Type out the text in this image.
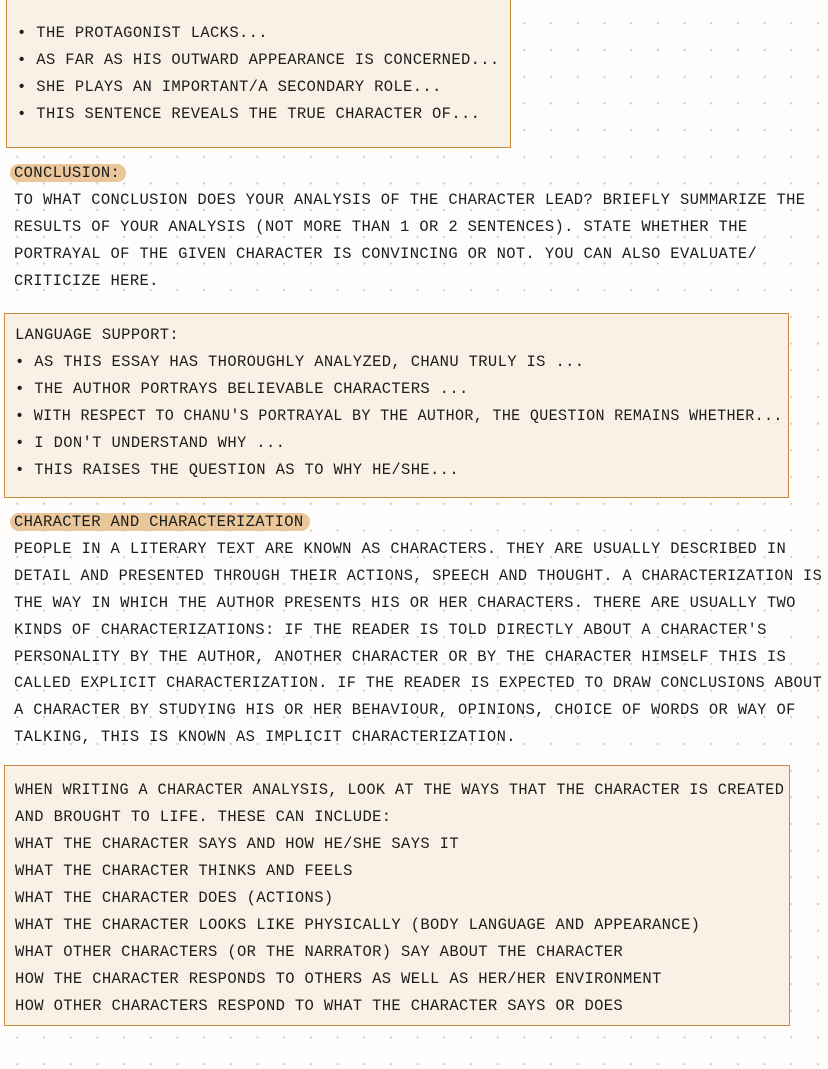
• THE PROTAGONIST LACKS...
• AS FAR AS HIS OUTWARD APPEARANCE IS CONCERNED...
• SHE PLAYS AN IMPORTANT/A SECONDARY ROLE...
• THIS SENTENCE REVEALS THE TRUE CHARACTER OF...
CONCLUSION:
TO WHAT CONCLUSION DOES YOUR ANALYSIS OF THE CHARACTER LEAD? BRIEFLY SUMMARIZE THE
RESULTS OF YOUR ANALYSIS (NOT MORE THAN 1 OR 2 SENTENCES). STATE WHETHER THE
PORTRAYAL OF THE GIVEN CHARACTER IS CONVINCING OR NOT. YOU CAN ALSO EVALUATE/
CRITICIZE HERE.
LANGUAGE SUPPORT:
• AS THIS ESSAY HAS THOROUGHLY ANALYZED, CHANU TRULY IS ...
• THE AUTHOR PORTRAYS BELIEVABLE CHARACTERS ...
• WITH RESPECT TO CHANU'S PORTRAYAL BY THE AUTHOR, THE QUESTION REMAINS WHETHER...
• I DON'T UNDERSTAND WHY ...
• THIS RAISES THE QUESTION AS TO WHY HE/SHE...
CHARACTER AND CHARACTERIZATION
PEOPLE IN A LITERARY TEXT ARE KNOWN AS CHARACTERS. THEY ARE USUALLY DESCRIBED IN
DETAIL AND PRESENTED THROUGH THEIR ACTIONS, SPEECH AND THOUGHT. A CHARACTERIZATION IS
THE WAY IN WHICH THE AUTHOR PRESENTS HIS OR HER CHARACTERS. THERE ARE USUALLY TWO
KINDS OF CHARACTERIZATIONS: IF THE READER IS TOLD DIRECTLY ABOUT A CHARACTER'S
PERSONALITY BY THE AUTHOR, ANOTHER CHARACTER OR BY THE CHARACTER HIMSELF THIS IS
CALLED EXPLICIT CHARACTERIZATION. IF THE READER IS EXPECTED TO DRAW CONCLUSIONS ABOUT
A CHARACTER BY STUDYING HIS OR HER BEHAVIOUR, OPINIONS, CHOICE OF WORDS OR WAY OF
TALKING, THIS IS KNOWN AS IMPLICIT CHARACTERIZATION.
WHEN WRITING A CHARACTER ANALYSIS, LOOK AT THE WAYS THAT THE CHARACTER IS CREATED
AND BROUGHT TO LIFE. THESE CAN INCLUDE:
WHAT THE CHARACTER SAYS AND HOW HE/SHE SAYS IT
WHAT THE CHARACTER THINKS AND FEELS
WHAT THE CHARACTER DOES (ACTIONS)
WHAT THE CHARACTER LOOKS LIKE PHYSICALLY (BODY LANGUAGE AND APPEARANCE)
WHAT OTHER CHARACTERS (OR THE NARRATOR) SAY ABOUT THE CHARACTER
HOW THE CHARACTER RESPONDS TO OTHERS AS WELL AS HER/HER ENVIRONMENT
HOW OTHER CHARACTERS RESPOND TO WHAT THE CHARACTER SAYS OR DOES
